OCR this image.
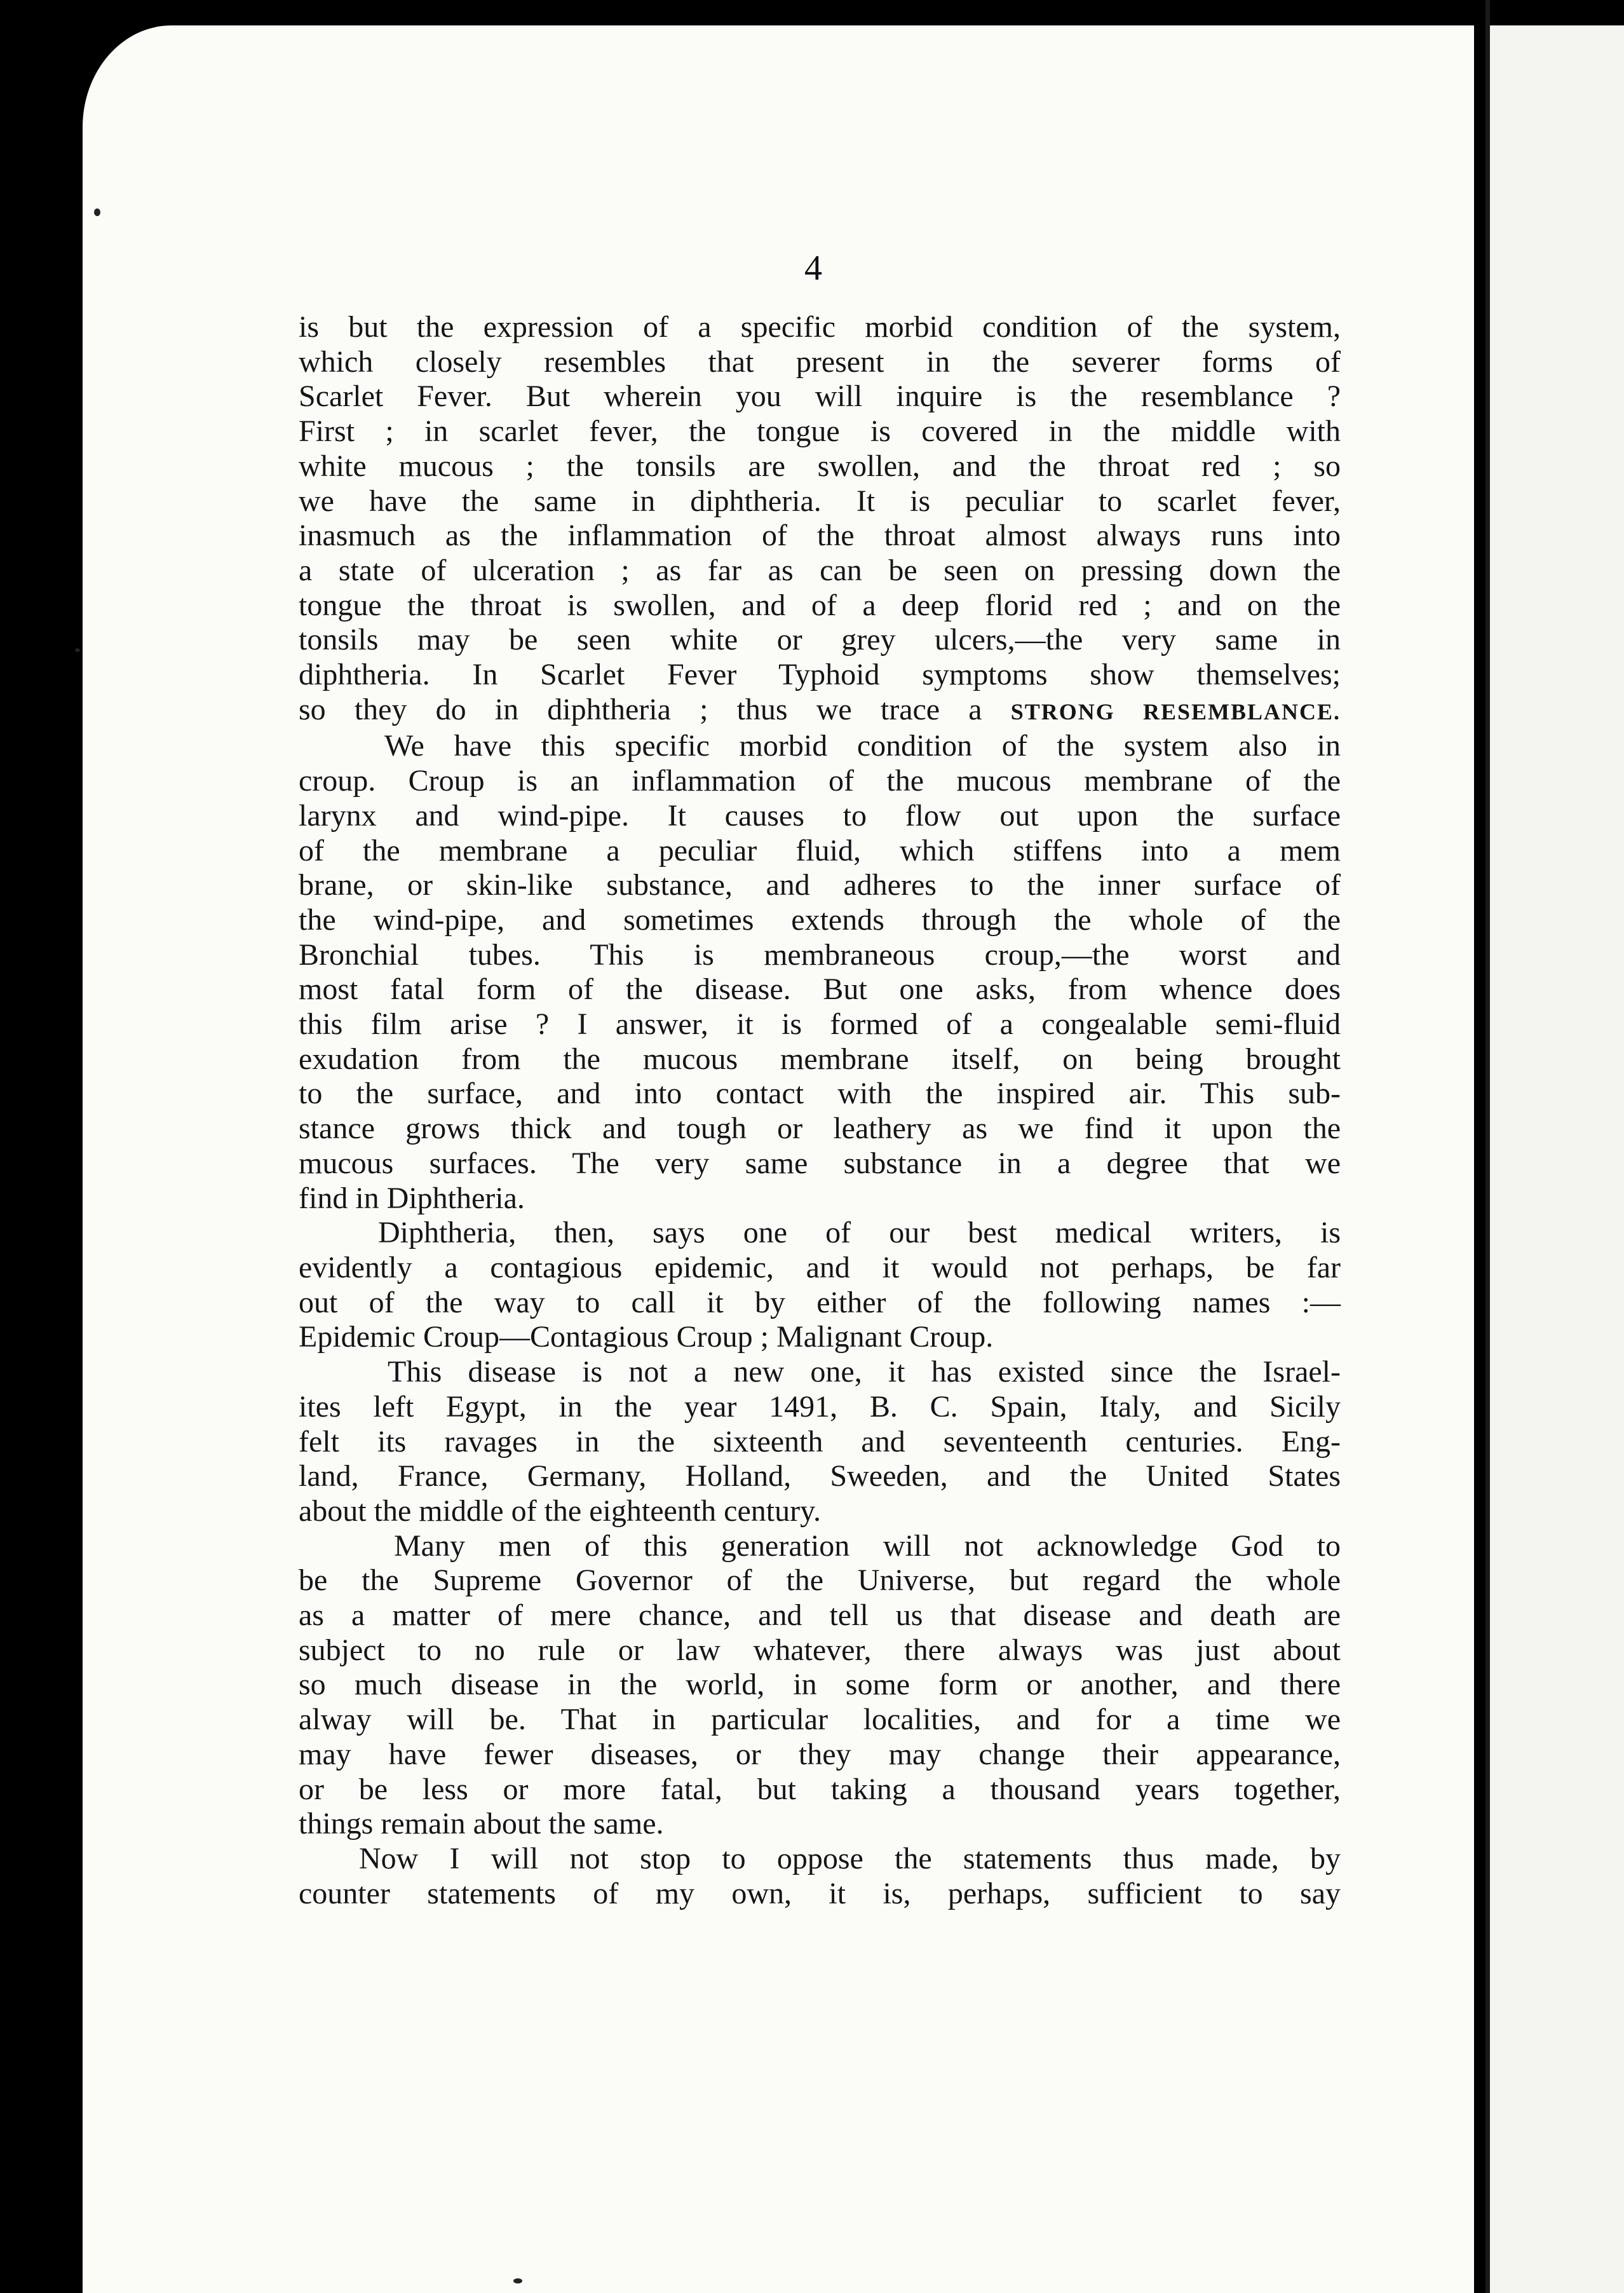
4

is but the expression of a specific morbid condition of the system,
which closely resembles that present in the severer forms of
Scarlet Fever. But wherein you will inquire is the resemblance ?
First ; in scarlet fever, the tongue is covered in the middle with
white mucous ; the tonsils are swollen, and the throat red ; so
we have the same in diphtheria. It is peculiar to scarlet fever,
inasmuch as the inflammation of the throat almost always runs into
a state of ulceration ; as far as can be seen on pressing down the
tongue the throat is swollen, and of a deep florid red ; and on the
tonsils may be seen white or grey ulcers,—the very same in
diphtheria. In Scarlet Fever Typhoid symptoms show themselves;
so they do in diphtheria ; thus we trace a STRONG RESEMBLANCE.

We have this specific morbid condition of the system also in
croup. Croup is an inflammation of the mucous membrane of the
larynx and wind-pipe. It causes to flow out upon the surface
of the membrane a peculiar fluid, which stiffens into a mem
brane, or skin-like substance, and adheres to the inner surface of
the wind-pipe, and sometimes extends through the whole of the
Bronchial tubes. This is membraneous croup,—the worst and
most fatal form of the disease. But one asks, from whence does
this film arise ? I answer, it is formed of a congealable semi-fluid
exudation from the mucous membrane itself, on being brought
to the surface, and into contact with the inspired air. This sub-
stance grows thick and tough or leathery as we find it upon the
mucous surfaces. The very same substance in a degree that we
find in Diphtheria.

Diphtheria, then, says one of our best medical writers, is
evidently a contagious epidemic, and it would not perhaps, be far
out of the way to call it by either of the following names :—
Epidemic Croup—Contagious Croup ; Malignant Croup.

This disease is not a new one, it has existed since the Israel-
ites left Egypt, in the year 1491, B. C. Spain, Italy, and Sicily
felt its ravages in the sixteenth and seventeenth centuries. Eng-
land, France, Germany, Holland, Sweeden, and the United States
about the middle of the eighteenth century.

Many men of this generation will not acknowledge God to
be the Supreme Governor of the Universe, but regard the whole
as a matter of mere chance, and tell us that disease and death are
subject to no rule or law whatever, there always was just about
so much disease in the world, in some form or another, and there
alway will be. That in particular localities, and for a time we
may have fewer diseases, or they may change their appearance,
or be less or more fatal, but taking a thousand years together,
things remain about the same.

Now I will not stop to oppose the statements thus made, by
counter statements of my own, it is, perhaps, sufficient to say
